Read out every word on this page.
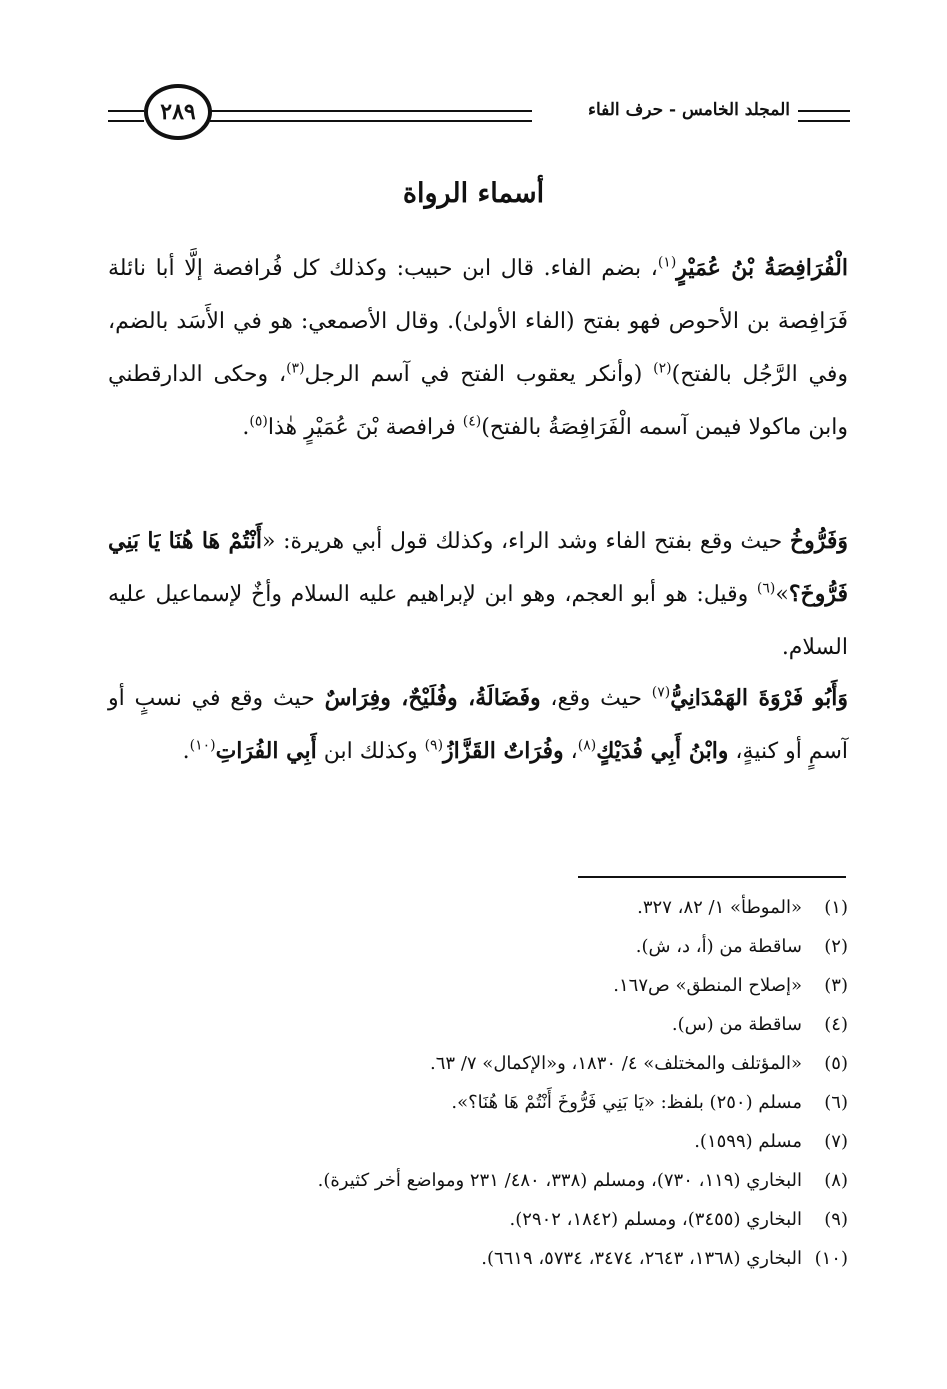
المجلد الخامس - حرف الفاء
٢٨٩
أسماء الرواة

الْفُرَافِصَةُ بْنُ عُمَيْرٍ$^{(١)}$، بضم الفاء. قال ابن حبيب: وكذلك كل فُرافصة إلَّا أبا نائلة فَرَافِصة بن الأحوص فهو بفتح (الفاء الأولىٰ). وقال الأصمعي: هو في الأَسَد بالضم، وفي الرَّجُل بالفتح)$^{(٢)}$ (وأنكر يعقوب الفتح في آسم الرجل$^{(٣)}$، وحكى الدارقطني وابن ماكولا فيمن آسمه الْفَرَافِصَةُ بالفتح)$^{(٤)}$ فرافصة بْنَ عُمَيْرٍ هٰذا$^{(٥)}$.

وَفَرُّوخُ حيث وقع بفتح الفاء وشد الراء، وكذلك قول أبي هريرة: «أَنْتُمْ هَا هُنَا يَا بَنِي فَرُّوخَ؟»$^{(٦)}$ وقيل: هو أبو العجم، وهو ابن لإبراهيم عليه السلام وأخٌ لإسماعيل عليه السلام.

وَأَبُو فَرْوَةَ الهَمْدَانِيُّ$^{(٧)}$ حيث وقع، وفَضَالَةُ، وفُلَيْحٌ، وفِرَاسٌ حيث وقع في نسبٍ أو آسمٍ أو كنيةٍ، وابْنُ أَبِي فُدَيْكٍ$^{(٨)}$، وفُرَاتٌ القَزَّازُ$^{(٩)}$ وكذلك ابن أَبِي الفُرَاتِ$^{(١٠)}$.

(١)«الموطأ» ١/ ٨٢، ٣٢٧.
(٢)ساقطة من (أ، د، ش).
(٣)«إصلاح المنطق» ص١٦٧.
(٤)ساقطة من (س).
(٥)«المؤتلف والمختلف» ٤/ ١٨٣٠، و«الإكمال» ٧/ ٦٣.
(٦)مسلم (٢٥٠) بلفظ: «يَا بَنِي فَرُّوخَ أَنْتُمْ هَا هُنَا؟».
(٧)مسلم (١٥٩٩).
(٨)البخاري (١١٩، ٧٣٠)، ومسلم (٣٣٨، ٤٨٠/ ٢٣١ ومواضع أخر كثيرة).
(٩)البخاري (٣٤٥٥)، ومسلم (١٨٤٢، ٢٩٠٢).
(١٠)البخاري (١٣٦٨، ٢٦٤٣، ٣٤٧٤، ٥٧٣٤، ٦٦١٩).
